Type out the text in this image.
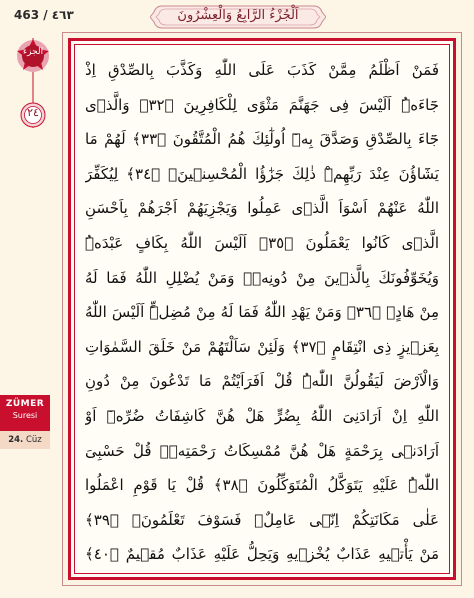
463 / ٤٦٣	اَلْجُزْءُ الرَّابِعُ وَالْعِشْرُونَ
الجزء
٢٤
فَمَنْ اَظْلَمُ مِمَّنْ كَذَبَ عَلَى اللّٰهِ وَكَذَّبَ بِالصِّدْقِ اِذْ
جَٓاءَهُۜ اَلَيْسَ فِى جَهَنَّمَ مَثْوًى لِلْكَافِرِينَ ﴿٣٢﴾ وَالَّذٖى
جَٓاءَ بِالصِّدْقِ وَصَدَّقَ بِهٖٓ اُولٰٓئِكَ هُمُ الْمُتَّقُونَ ﴿٣٣﴾ لَهُمْ مَا
يَشَٓاؤُنَ عِنْدَ رَبِّهِمْۜ ذٰلِكَ جَزٰٓؤُا الْمُحْسِنٖينَۚ ﴿٣٤﴾ لِيُكَفِّرَ
اللّٰهُ عَنْهُمْ اَسْوَاَ الَّذٖى عَمِلُوا وَيَجْزِيَهُمْ اَجْرَهُمْ بِاَحْسَنِ
الَّذٖى كَانُوا يَعْمَلُونَ ﴿٣٥﴾ اَلَيْسَ اللّٰهُ بِكَافٍ عَبْدَهُۜ
وَيُخَوِّفُونَكَ بِالَّذٖينَ مِنْ دُونِهٖۜ وَمَنْ يُضْلِلِ اللّٰهُ فَمَا لَهُ
مِنْ هَادٍۚ ﴿٣٦﴾ وَمَنْ يَهْدِ اللّٰهُ فَمَا لَهُ مِنْ مُضِلٍّۜ اَلَيْسَ اللّٰهُ
بِعَزٖيزٍ ذِى انْتِقَامٍ ﴿٣٧﴾ وَلَئِنْ سَاَلْتَهُمْ مَنْ خَلَقَ السَّمٰوَاتِ
وَالْاَرْضَ لَيَقُولُنَّ اللّٰهُۜ قُلْ اَفَرَاَيْتُمْ مَا تَدْعُونَ مِنْ دُونِ
اللّٰهِ اِنْ اَرَادَنِىَ اللّٰهُ بِضُرٍّ هَلْ هُنَّ كَاشِفَاتُ ضُرِّهٖٓ اَوْ
اَرَادَنٖى بِرَحْمَةٍ هَلْ هُنَّ مُمْسِكَاتُ رَحْمَتِهٖۜ قُلْ حَسْبِىَ
اللّٰهُۜ عَلَيْهِ يَتَوَكَّلُ الْمُتَوَكِّلُونَ ﴿٣٨﴾ قُلْ يَا قَوْمِ اعْمَلُوا
عَلٰى مَكَانَتِكُمْ اِنّٖى عَامِلٌۚ فَسَوْفَ تَعْلَمُونَۙ ﴿٣٩﴾
مَنْ يَأْتٖيهِ عَذَابٌ يُخْزٖيهِ وَيَحِلُّ عَلَيْهِ عَذَابٌ مُقٖيمٌ ﴿٤٠﴾
ZÜMER
Suresi
24. Cüz
